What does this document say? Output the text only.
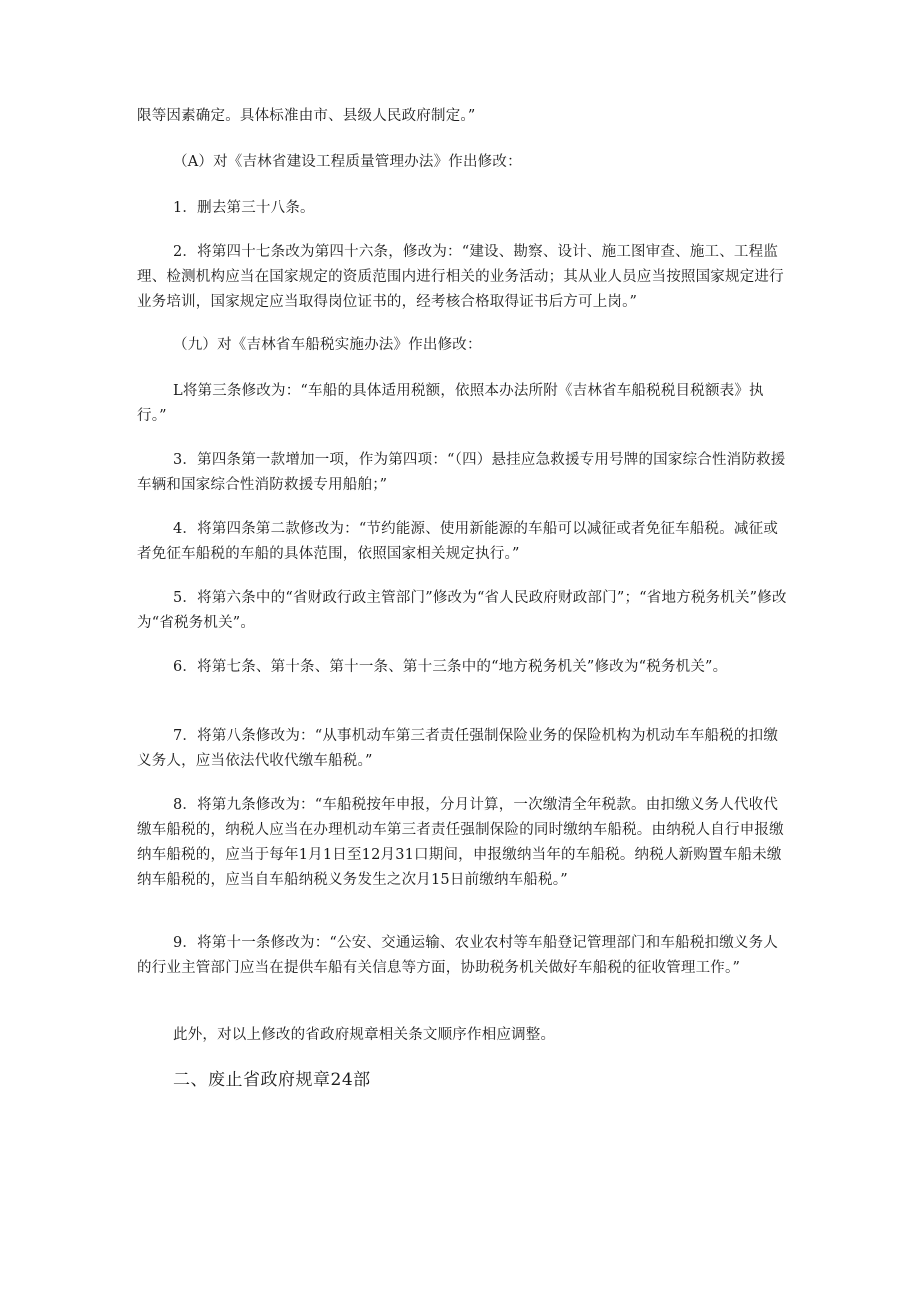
限等因素确定。具体标准由市、县级人民政府制定。”

（A）对《吉林省建设工程质量管理办法》作出修改：

1．删去第三十八条。

2．将第四十七条改为第四十六条，修改为：“建设、勘察、设计、施工图审查、施工、工程监理、检测机构应当在国家规定的资质范围内进行相关的业务活动；其从业人员应当按照国家规定进行业务培训，国家规定应当取得岗位证书的，经考核合格取得证书后方可上岗。”

（九）对《吉林省车船税实施办法》作出修改：

L将第三条修改为：“车船的具体适用税额，依照本办法所附《吉林省车船税税目税额表》执行。”

3．第四条第一款增加一项，作为第四项：“（四）悬挂应急救援专用号牌的国家综合性消防救援车辆和国家综合性消防救援专用船舶；”

4．将第四条第二款修改为：“节约能源、使用新能源的车船可以减征或者免征车船税。减征或者免征车船税的车船的具体范围，依照国家相关规定执行。”

5．将第六条中的“省财政行政主管部门”修改为“省人民政府财政部门”；“省地方税务机关”修改为“省税务机关”。

6．将第七条、第十条、第十一条、第十三条中的“地方税务机关”修改为“税务机关”。

7．将第八条修改为：“从事机动车第三者责任强制保险业务的保险机构为机动车车船税的扣缴义务人，应当依法代收代缴车船税。”

8．将第九条修改为：“车船税按年申报，分月计算，一次缴清全年税款。由扣缴义务人代收代缴车船税的，纳税人应当在办理机动车第三者责任强制保险的同时缴纳车船税。由纳税人自行申报缴纳车船税的，应当于每年1月1日至12月31口期间，申报缴纳当年的车船税。纳税人新购置车船未缴纳车船税的，应当自车船纳税义务发生之次月15日前缴纳车船税。”

9．将第十一条修改为：“公安、交通运输、农业农村等车船登记管理部门和车船税扣缴义务人的行业主管部门应当在提供车船有关信息等方面，协助税务机关做好车船税的征收管理工作。”

此外，对以上修改的省政府规章相关条文顺序作相应调整。

二、废止省政府规章24部
